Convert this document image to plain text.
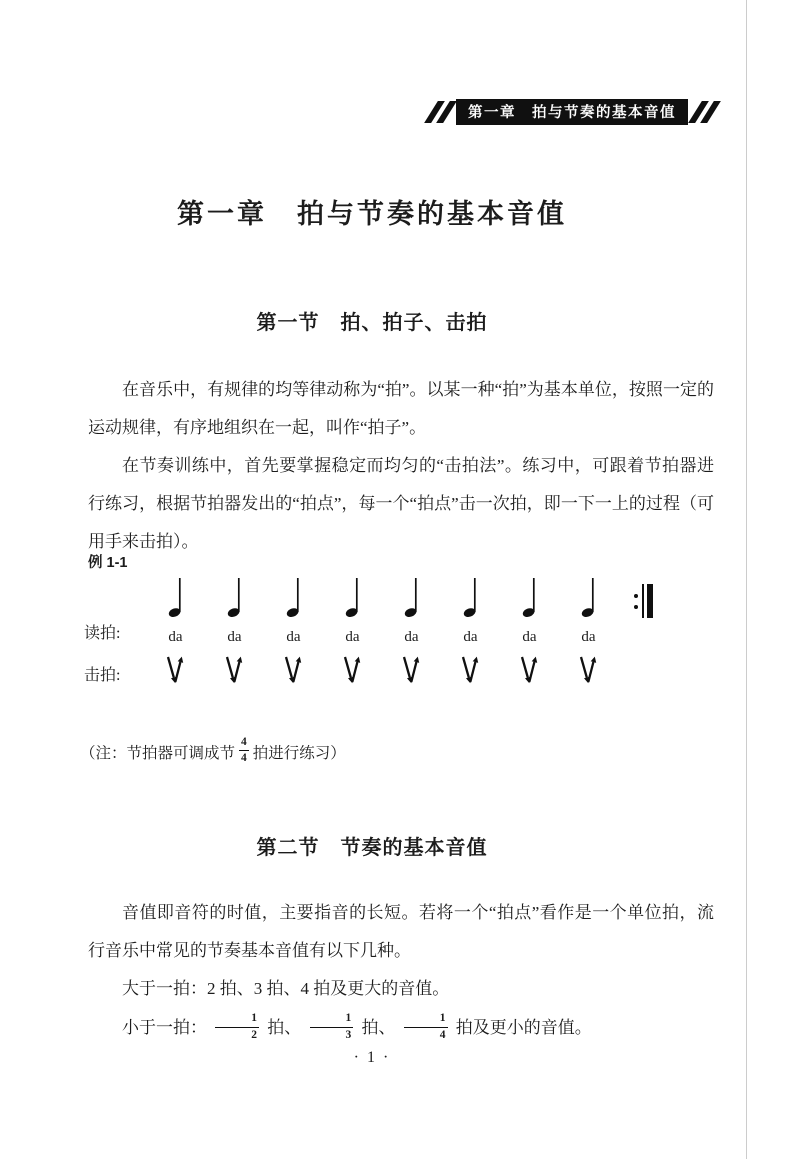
第一章　拍与节奏的基本音值
第一章　拍与节奏的基本音值
第一节　拍、拍子、击拍

在音乐中，有规律的均等律动称为“拍”。以某一种“拍”为基本单位，按照一定的运动规律，有序地组织在一起，叫作“拍子”。

在节奏训练中，首先要掌握稳定而均匀的“击拍法”。练习中，可跟着节拍器进行练习，根据节拍器发出的“拍点”，每一个“拍点”击一次拍，即一下一上的过程（可用手来击拍）。

例 1-1
读拍:	da	da	da	da	da	da	da	da
击拍:
（注：节拍器可调成节 $\frac{4}{4}$ 拍进行练习）
第二节　节奏的基本音值

音值即音符的时值，主要指音的长短。若将一个“拍点”看作是一个单位拍，流行音乐中常见的节奏基本音值有以下几种。

大于一拍：2 拍、3 拍、4 拍及更大的音值。

小于一拍： $\frac{1}{2}$ 拍、 $\frac{1}{3}$ 拍、 $\frac{1}{4}$ 拍及更小的音值。

· 1 ·
